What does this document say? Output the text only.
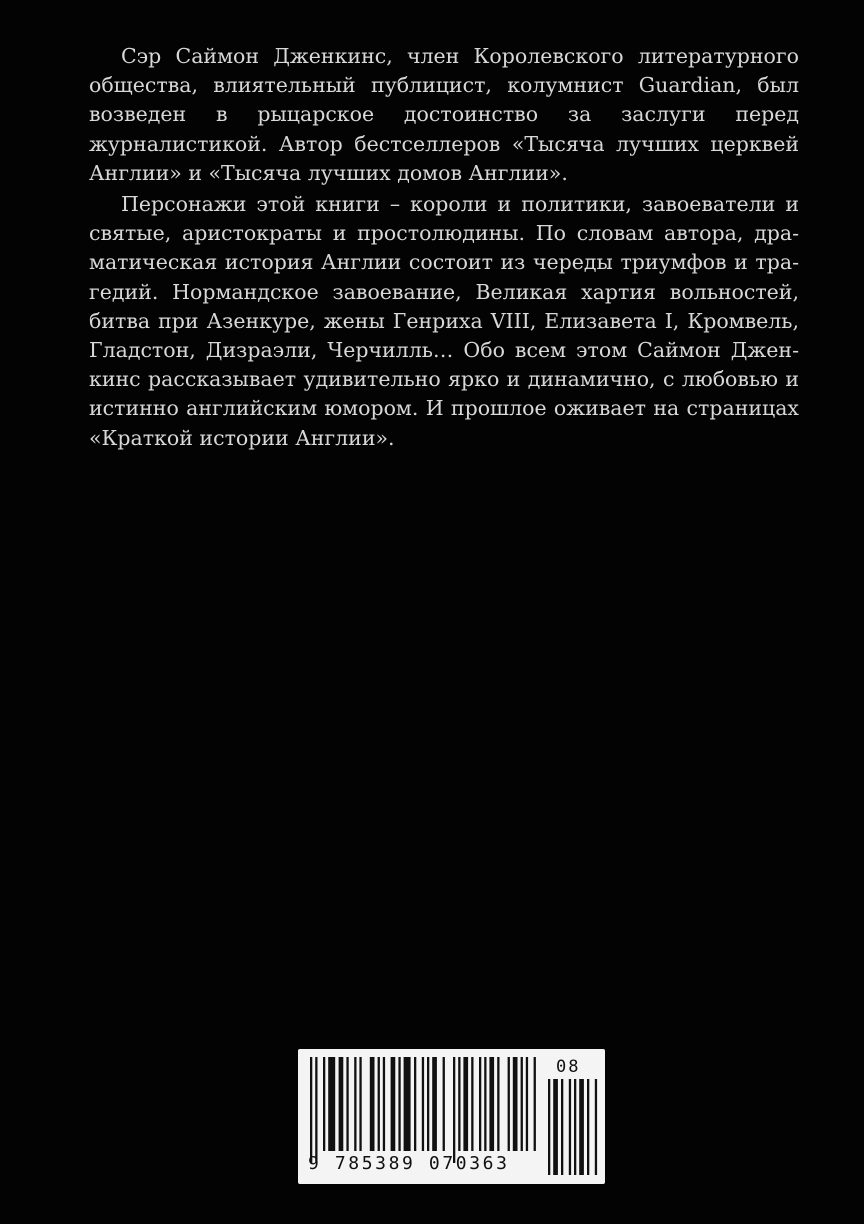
Сэр Саймон Дженкинс, член Королевского литературного общества, влиятельный публицист, колумнист Guardian, был возведен в рыцарское достоинство за заслуги перед журналистикой. Автор бестселлеров «Тысяча лучших церквей Англии» и «Тысяча лучших домов Англии».

Персонажи этой книги – короли и политики, завоеватели и святые, аристократы и простолюдины. По словам автора, драматическая история Англии состоит из череды триумфов и трагедий. Нормандское завоевание, Великая хартия вольностей, битва при Азенкуре, жены Генриха VIII, Елизавета I, Кромвель, Гладстон, Дизраэли, Черчилль… Обо всем этом Саймон Дженкинс рассказывает удивительно ярко и динамично, с любовью и истинно английским юмором. И прошлое оживает на страницах «Краткой истории Англии».

9 785389 070363
08
